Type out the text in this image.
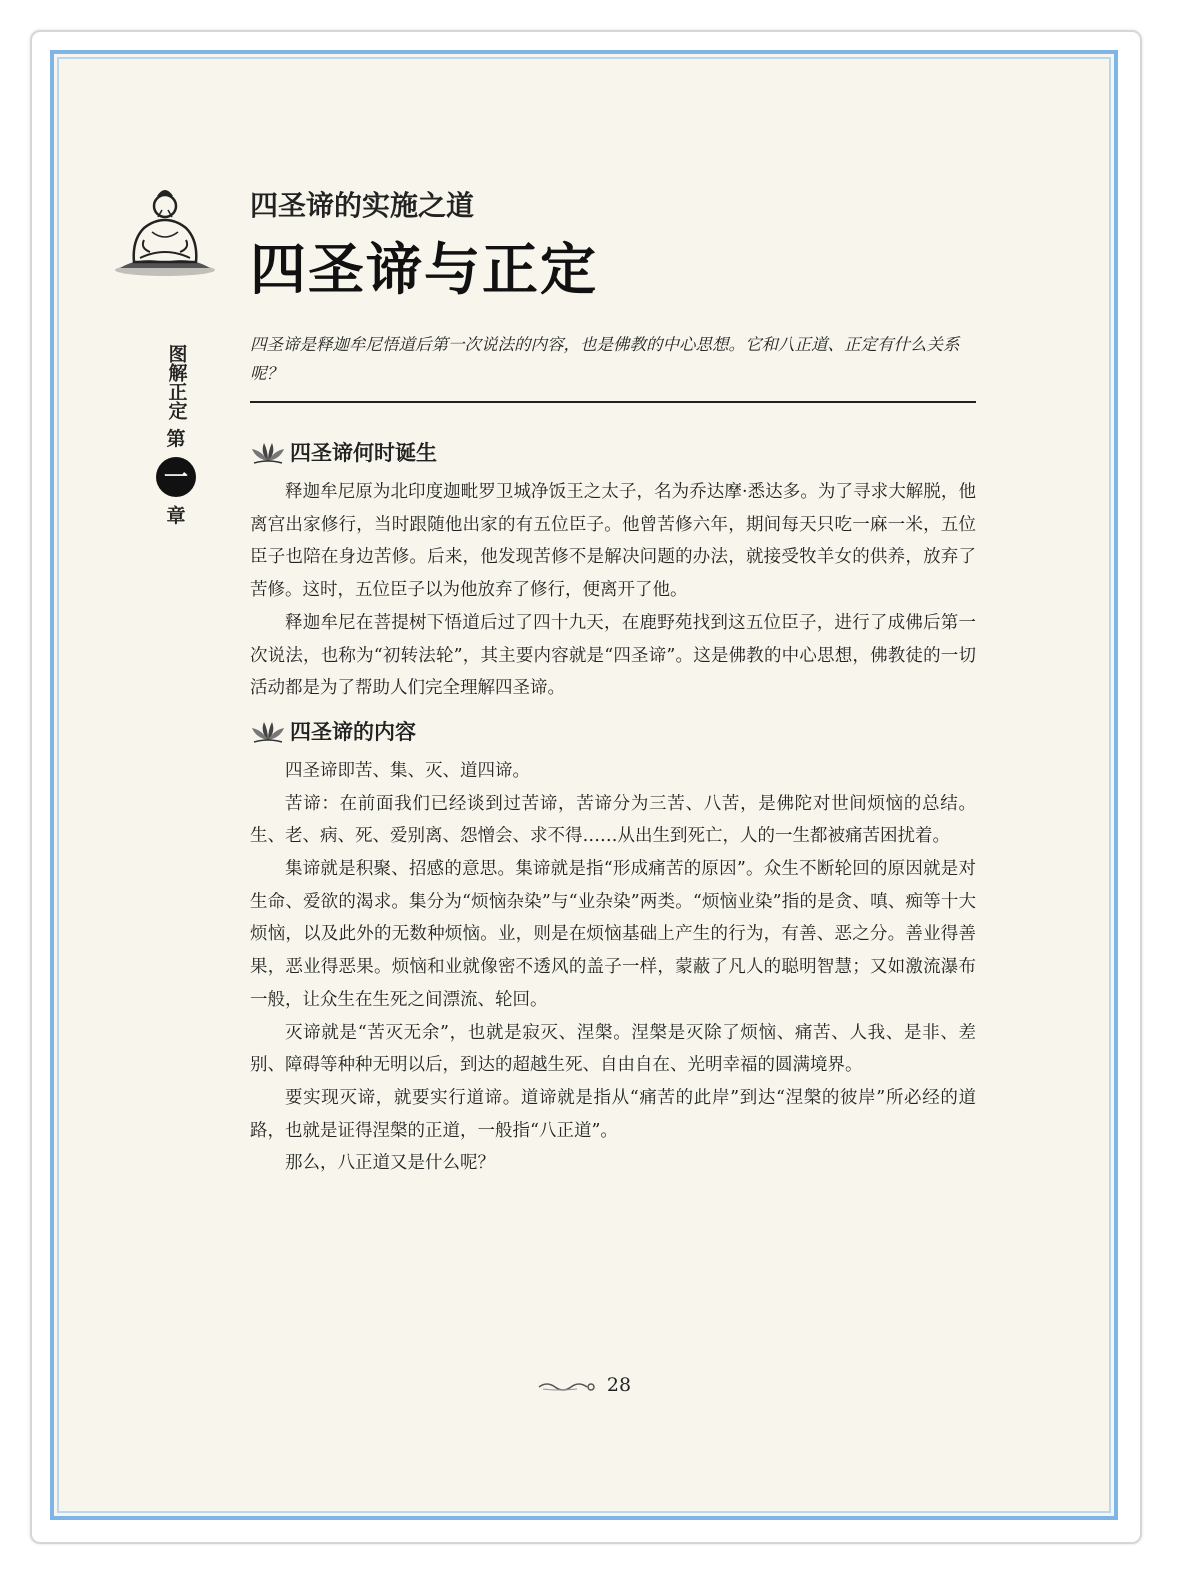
四圣谛的实施之道
四圣谛与正定
图解正定
第
一
章

四圣谛是释迦牟尼悟道后第一次说法的内容，也是佛教的中心思想。它和八正道、正定有什么关系呢？

四圣谛何时诞生

释迦牟尼原为北印度迦毗罗卫城净饭王之太子，名为乔达摩·悉达多。为了寻求大解脱，他离宫出家修行，当时跟随他出家的有五位臣子。他曾苦修六年，期间每天只吃一麻一米，五位臣子也陪在身边苦修。后来，他发现苦修不是解决问题的办法，就接受牧羊女的供养，放弃了苦修。这时，五位臣子以为他放弃了修行，便离开了他。

释迦牟尼在菩提树下悟道后过了四十九天，在鹿野苑找到这五位臣子，进行了成佛后第一次说法，也称为“初转法轮”，其主要内容就是“四圣谛”。这是佛教的中心思想，佛教徒的一切活动都是为了帮助人们完全理解四圣谛。

四圣谛的内容

四圣谛即苦、集、灭、道四谛。

苦谛：在前面我们已经谈到过苦谛，苦谛分为三苦、八苦，是佛陀对世间烦恼的总结。生、老、病、死、爱别离、怨憎会、求不得……从出生到死亡，人的一生都被痛苦困扰着。

集谛就是积聚、招感的意思。集谛就是指“形成痛苦的原因”。众生不断轮回的原因就是对生命、爱欲的渴求。集分为“烦恼杂染”与“业杂染”两类。“烦恼业染”指的是贪、嗔、痴等十大烦恼，以及此外的无数种烦恼。业，则是在烦恼基础上产生的行为，有善、恶之分。善业得善果，恶业得恶果。烦恼和业就像密不透风的盖子一样，蒙蔽了凡人的聪明智慧；又如激流瀑布一般，让众生在生死之间漂流、轮回。

灭谛就是“苦灭无余”，也就是寂灭、涅槃。涅槃是灭除了烦恼、痛苦、人我、是非、差别、障碍等种种无明以后，到达的超越生死、自由自在、光明幸福的圆满境界。

要实现灭谛，就要实行道谛。道谛就是指从“痛苦的此岸”到达“涅槃的彼岸”所必经的道路，也就是证得涅槃的正道，一般指“八正道”。

那么，八正道又是什么呢？

28
